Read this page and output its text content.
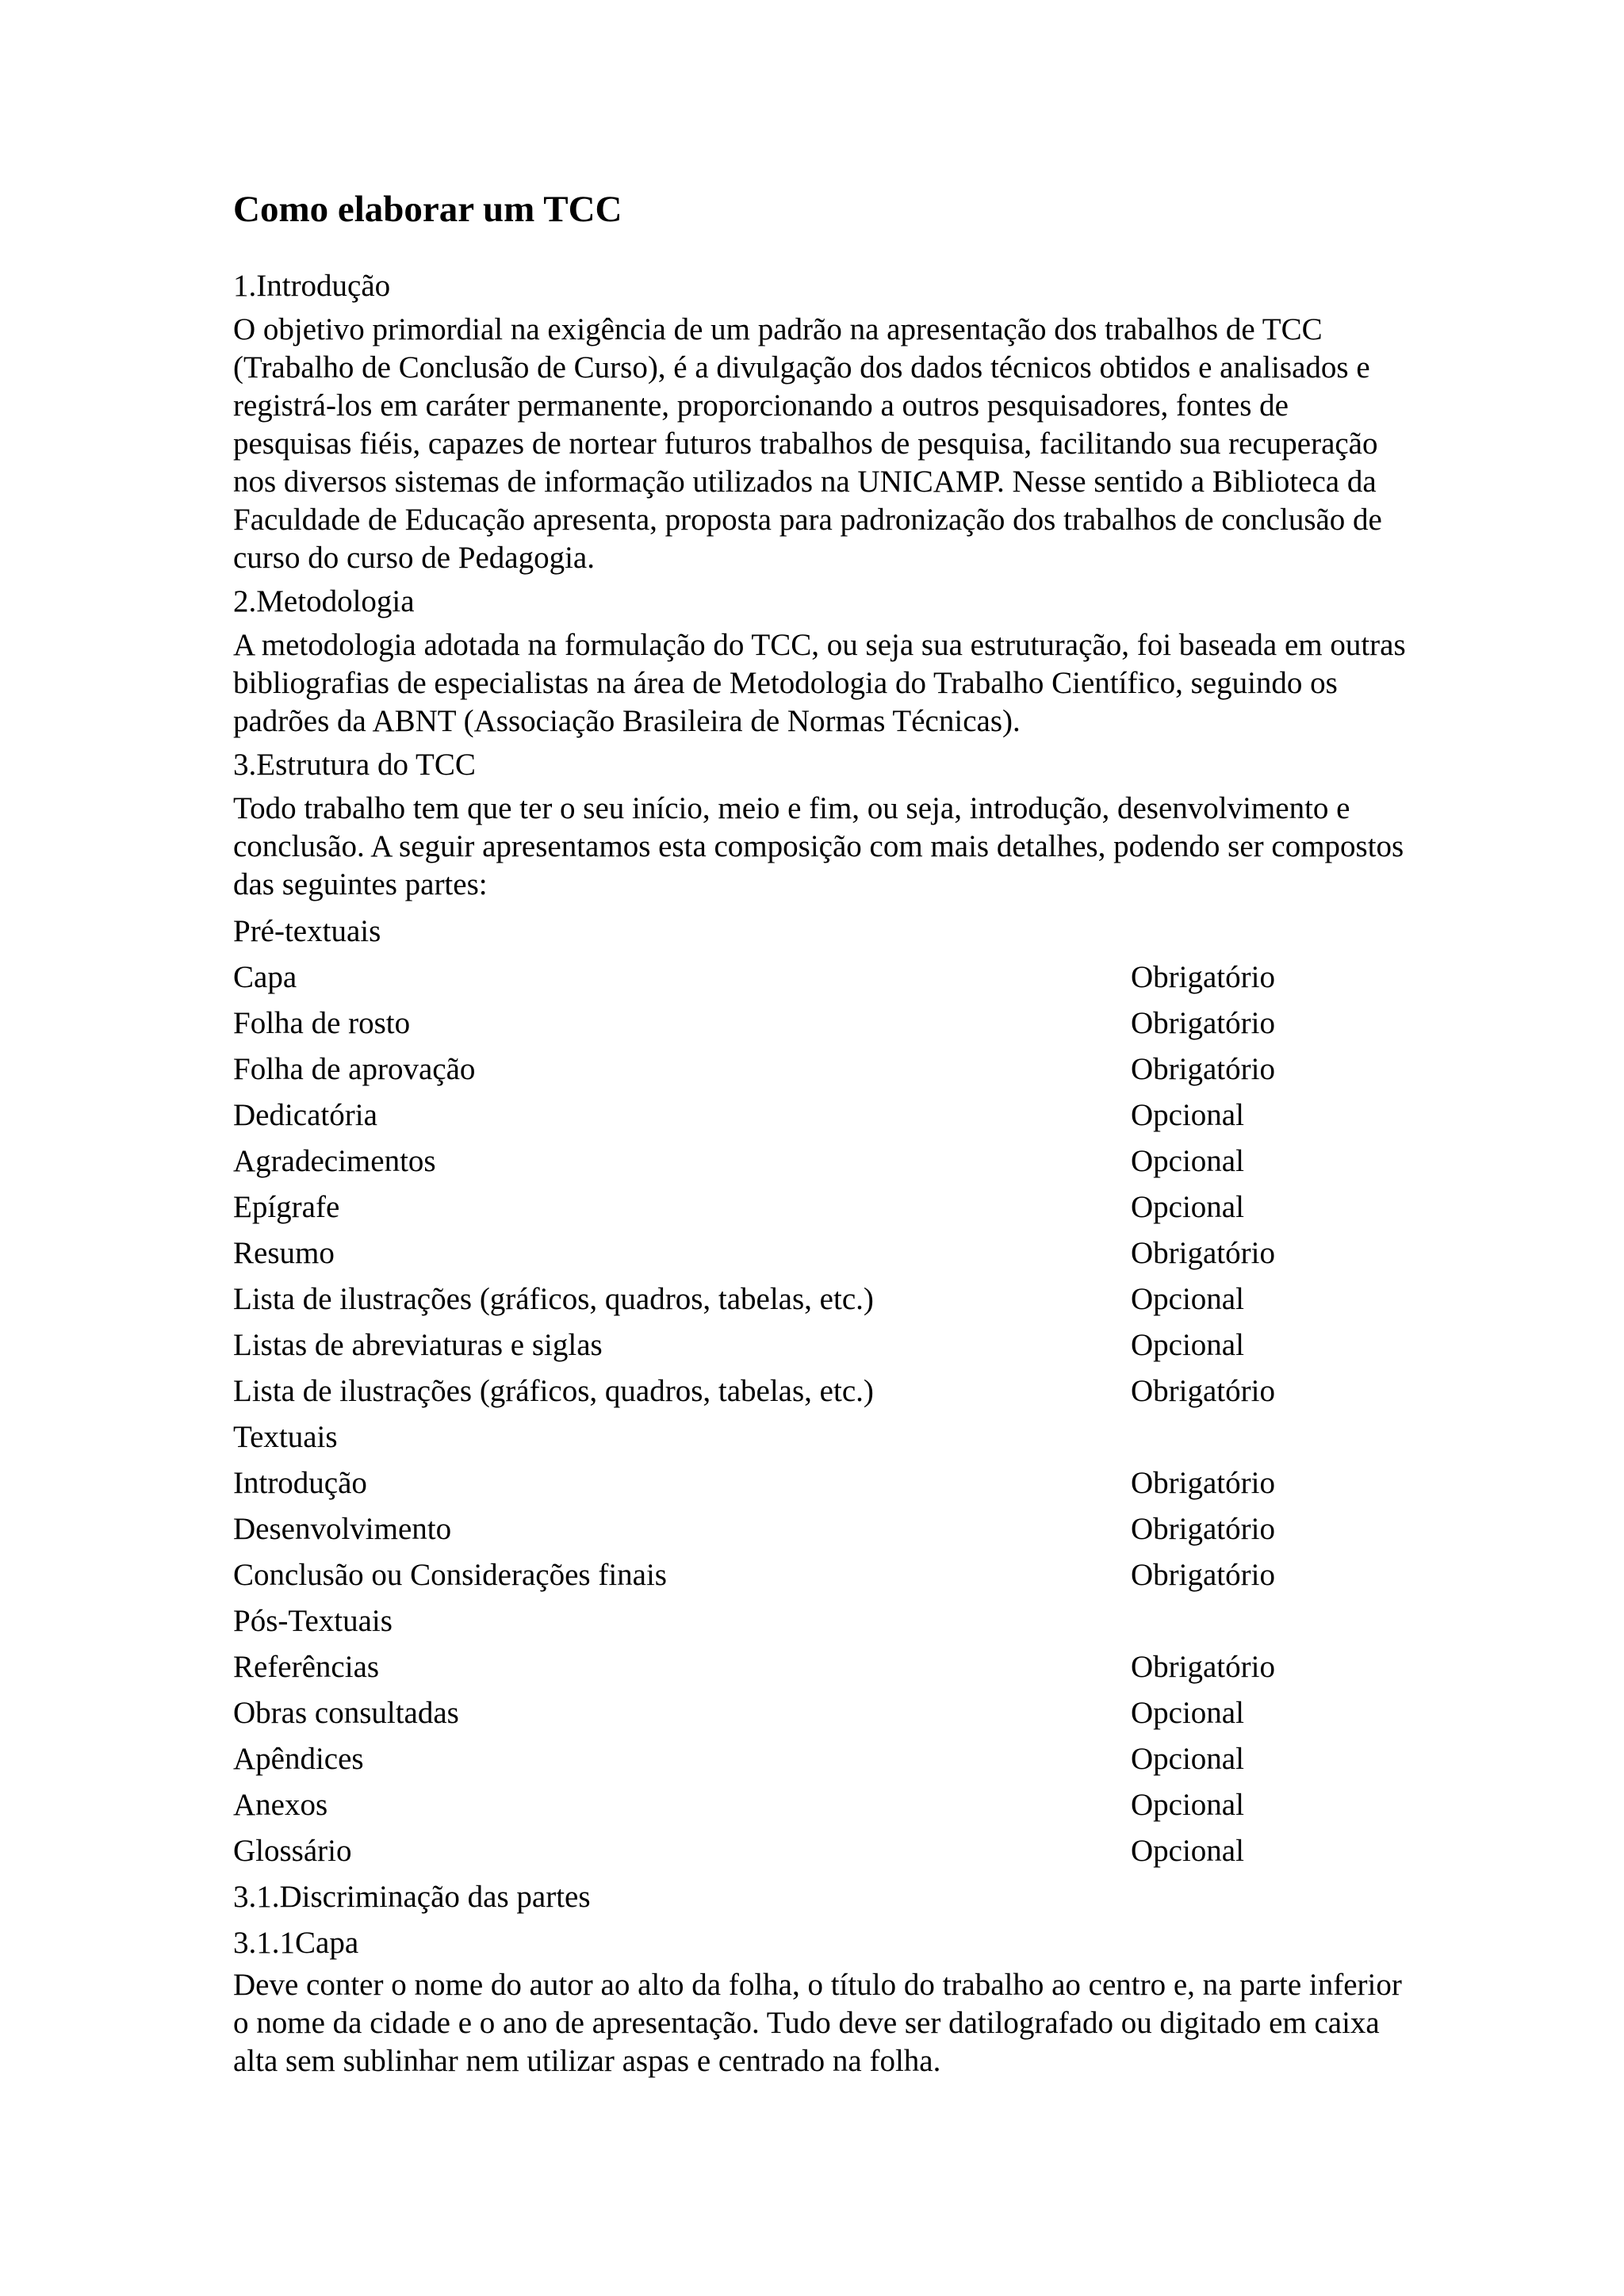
Como elaborar um TCC
1.Introdução

O objetivo primordial na exigência de um padrão na apresentação dos trabalhos de TCC (Trabalho de Conclusão de Curso), é a divulgação dos dados técnicos obtidos e analisados e registrá-los em caráter permanente, proporcionando a outros pesquisadores, fontes de pesquisas fiéis, capazes de nortear futuros trabalhos de pesquisa, facilitando sua recuperação nos diversos sistemas de informação utilizados na UNICAMP. Nesse sentido a Biblioteca da Faculdade de Educação apresenta, proposta para padronização dos trabalhos de conclusão de curso do curso de Pedagogia.

2.Metodologia

A metodologia adotada na formulação do TCC, ou seja sua estruturação, foi baseada em outras bibliografias de especialistas na área de Metodologia do Trabalho Científico, seguindo os padrões da ABNT (Associação Brasileira de Normas Técnicas).

3.Estrutura do TCC

Todo trabalho tem que ter o seu início, meio e fim, ou seja, introdução, desenvolvimento e conclusão. A seguir apresentamos esta composição com mais detalhes, podendo ser compostos das seguintes partes:

Pré-textuais
Capa	Obrigatório
Folha de rosto	Obrigatório
Folha de aprovação	Obrigatório
Dedicatória	Opcional
Agradecimentos	Opcional
Epígrafe	Opcional
Resumo	Obrigatório
Lista de ilustrações (gráficos, quadros, tabelas, etc.)	Opcional
Listas de abreviaturas e siglas	Opcional
Lista de ilustrações (gráficos, quadros, tabelas, etc.)	Obrigatório
Textuais
Introdução	Obrigatório
Desenvolvimento	Obrigatório
Conclusão ou Considerações finais	Obrigatório
Pós-Textuais
Referências	Obrigatório
Obras consultadas	Opcional
Apêndices	Opcional
Anexos	Opcional
Glossário	Opcional
3.1.Discriminação das partes
3.1.1Capa

Deve conter o nome do autor ao alto da folha, o título do trabalho ao centro e, na parte inferior o nome da cidade e o ano de apresentação. Tudo deve ser datilografado ou digitado em caixa alta sem sublinhar nem utilizar aspas e centrado na folha.
